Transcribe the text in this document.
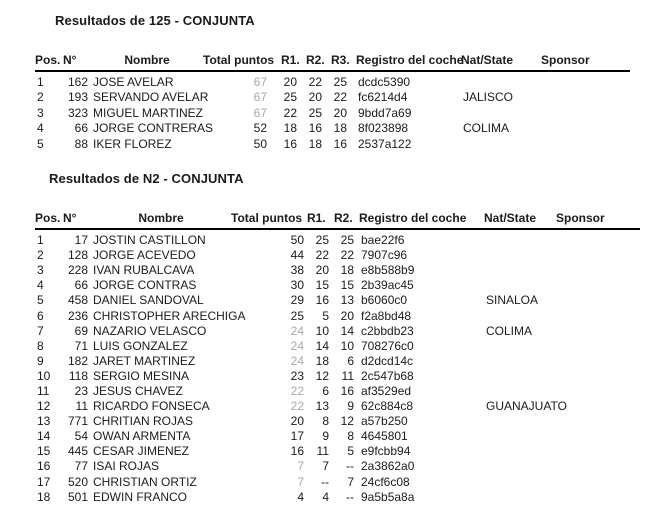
Resultados de 125 - CONJUNTA
Pos.	N°	Nombre	Total puntos	R1.	R2.	R3.	Registro del coche	Nat/State	Sponsor
1	162	JOSE AVELAR	67	20	22	25	dcdc5390		
2	193	SERVANDO AVELAR	67	25	20	22	fc6214d4	JALISCO	
3	323	MIGUEL MARTINEZ	67	22	25	20	9bdd7a69		
4	66	JORGE CONTRERAS	52	18	16	18	8f023898	COLIMA	
5	88	IKER FLOREZ	50	16	18	16	2537a122		
Resultados de N2 - CONJUNTA
Pos.	N°	Nombre	Total puntos	R1.	R2.	Registro del coche	Nat/State	Sponsor
1	17	JOSTIN CASTILLON	50	25	25	bae22f6		
2	128	JORGE ACEVEDO	44	22	22	7907c96		
3	228	IVAN RUBALCAVA	38	20	18	e8b588b9		
4	66	JORGE CONTRAS	30	15	15	2b39ac45		
5	458	DANIEL SANDOVAL	29	16	13	b6060c0	SINALOA	
6	236	CHRISTOPHER ARECHIGA	25	5	20	f2a8bd48		
7	69	NAZARIO VELASCO	24	10	14	c2bbdb23	COLIMA	
8	71	LUIS GONZALEZ	24	14	10	708276c0		
9	182	JARET MARTINEZ	24	18	6	d2dcd14c		
10	118	SERGIO MESINA	23	12	11	2c547b68		
11	23	JESUS CHAVEZ	22	6	16	af3529ed		
12	11	RICARDO FONSECA	22	13	9	62c884c8	GUANAJUATO	
13	771	CHRITIAN ROJAS	20	8	12	a57b250		
14	54	OWAN ARMENTA	17	9	8	4645801		
15	445	CESAR JIMENEZ	16	11	5	e9fcbb94		
16	77	ISAI ROJAS	7	7	--	2a3862a0		
17	520	CHRISTIAN ORTIZ	7	--	7	24cf6c08		
18	501	EDWIN FRANCO	4	4	--	9a5b5a8a		
